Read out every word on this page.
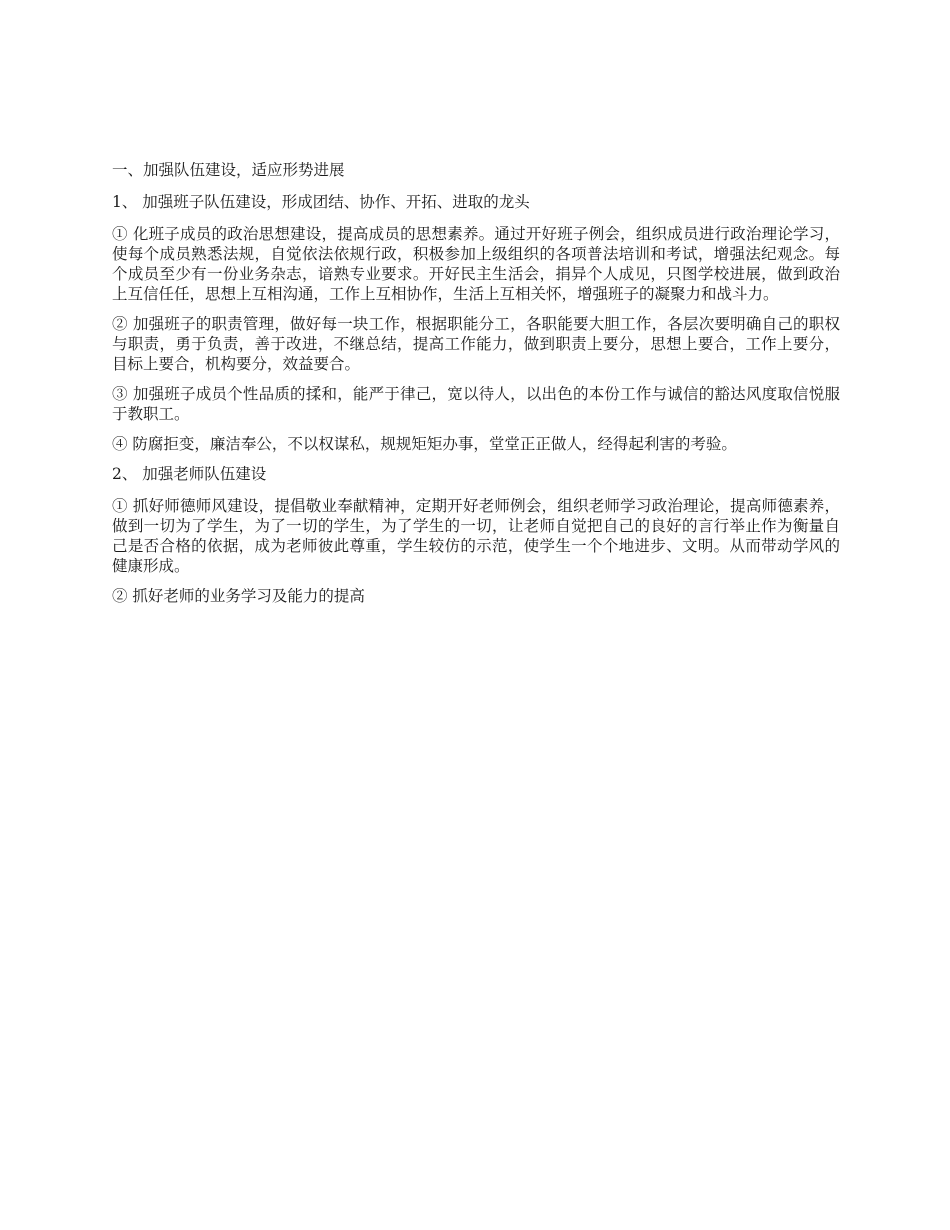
一、加强队伍建设，适应形势进展

1、 加强班子队伍建设，形成团结、协作、开拓、进取的龙头

① 化班子成员的政治思想建设，提高成员的思想素养。通过开好班子例会，组织成员进行政治理论学习，使每个成员熟悉法规，自觉依法依规行政，积极参加上级组织的各项普法培训和考试，增强法纪观念。每个成员至少有一份业务杂志，谙熟专业要求。开好民主生活会，捐异个人成见，只图学校进展，做到政治上互信任任，思想上互相沟通，工作上互相协作，生活上互相关怀，增强班子的凝聚力和战斗力。

② 加强班子的职责管理，做好每一块工作，根据职能分工，各职能要大胆工作，各层次要明确自己的职权与职责，勇于负责，善于改进，不继总结，提高工作能力，做到职责上要分，思想上要合，工作上要分，目标上要合，机构要分，效益要合。

③ 加强班子成员个性品质的揉和，能严于律己，宽以待人，以出色的本份工作与诚信的豁达风度取信悦服于教职工。

④ 防腐拒变，廉洁奉公，不以权谋私，规规矩矩办事，堂堂正正做人，经得起利害的考验。

2、 加强老师队伍建设

① 抓好师德师风建设，提倡敬业奉献精神，定期开好老师例会，组织老师学习政治理论，提高师德素养，做到一切为了学生，为了一切的学生，为了学生的一切，让老师自觉把自己的良好的言行举止作为衡量自己是否合格的依据，成为老师彼此尊重，学生较仿的示范，使学生一个个地进步、文明。从而带动学风的健康形成。

② 抓好老师的业务学习及能力的提高
